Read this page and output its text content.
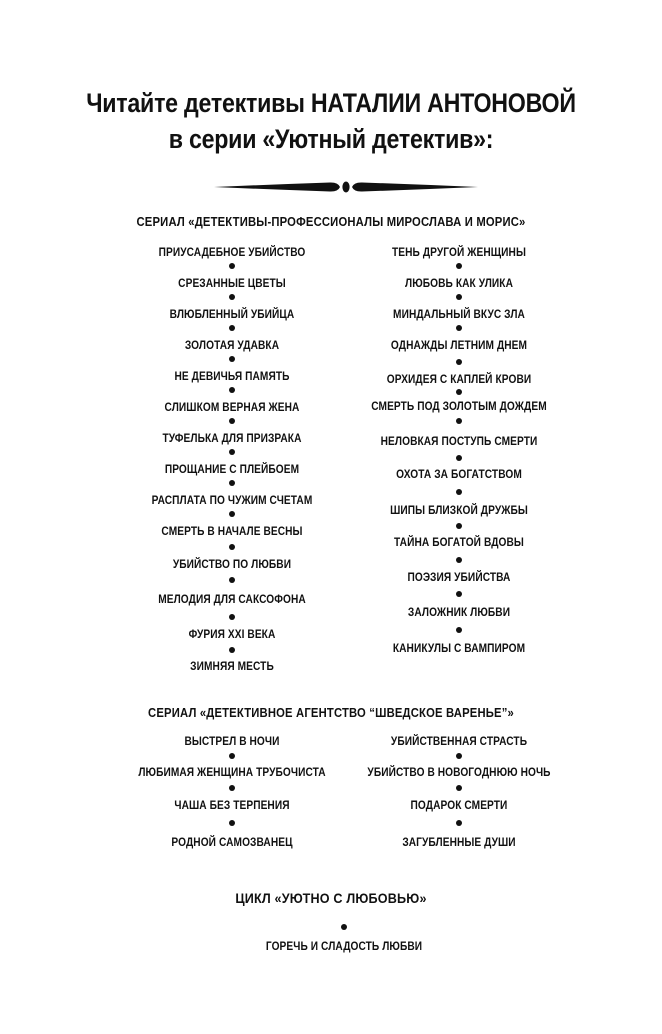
Читайте детективы НАТАЛИИ АНТОНОВОЙ
в серии «Уютный детектив»:
СЕРИАЛ «ДЕТЕКТИВЫ-ПРОФЕССИОНАЛЫ МИРОСЛАВА И МОРИС»
ПРИУСАДЕБНОЕ УБИЙСТВО
СРЕЗАННЫЕ ЦВЕТЫ
ВЛЮБЛЕННЫЙ УБИЙЦА
ЗОЛОТАЯ УДАВКА
НЕ ДЕВИЧЬЯ ПАМЯТЬ
СЛИШКОМ ВЕРНАЯ ЖЕНА
ТУФЕЛЬКА ДЛЯ ПРИЗРАКА
ПРОЩАНИЕ С ПЛЕЙБОЕМ
РАСПЛАТА ПО ЧУЖИМ СЧЕТАМ
СМЕРТЬ В НАЧАЛЕ ВЕСНЫ
УБИЙСТВО ПО ЛЮБВИ
МЕЛОДИЯ ДЛЯ САКСОФОНА
ФУРИЯ XXI ВЕКА
ЗИМНЯЯ МЕСТЬ
ТЕНЬ ДРУГОЙ ЖЕНЩИНЫ
ЛЮБОВЬ КАК УЛИКА
МИНДАЛЬНЫЙ ВКУС ЗЛА
ОДНАЖДЫ ЛЕТНИМ ДНЕМ
ОРХИДЕЯ С КАПЛЕЙ КРОВИ
СМЕРТЬ ПОД ЗОЛОТЫМ ДОЖДЕМ
НЕЛОВКАЯ ПОСТУПЬ СМЕРТИ
ОХОТА ЗА БОГАТСТВОМ
ШИПЫ БЛИЗКОЙ ДРУЖБЫ
ТАЙНА БОГАТОЙ ВДОВЫ
ПОЭЗИЯ УБИЙСТВА
ЗАЛОЖНИК ЛЮБВИ
КАНИКУЛЫ С ВАМПИРОМ
СЕРИАЛ «ДЕТЕКТИВНОЕ АГЕНТСТВО “ШВЕДСКОЕ ВАРЕНЬЕ”»
ВЫСТРЕЛ В НОЧИ
ЛЮБИМАЯ ЖЕНЩИНА ТРУБОЧИСТА
ЧАША БЕЗ ТЕРПЕНИЯ
РОДНОЙ САМОЗВАНЕЦ
УБИЙСТВЕННАЯ СТРАСТЬ
УБИЙСТВО В НОВОГОДНЮЮ НОЧЬ
ПОДАРОК СМЕРТИ
ЗАГУБЛЕННЫЕ ДУШИ
ЦИКЛ «УЮТНО С ЛЮБОВЬЮ»
ГОРЕЧЬ И СЛАДОСТЬ ЛЮБВИ
